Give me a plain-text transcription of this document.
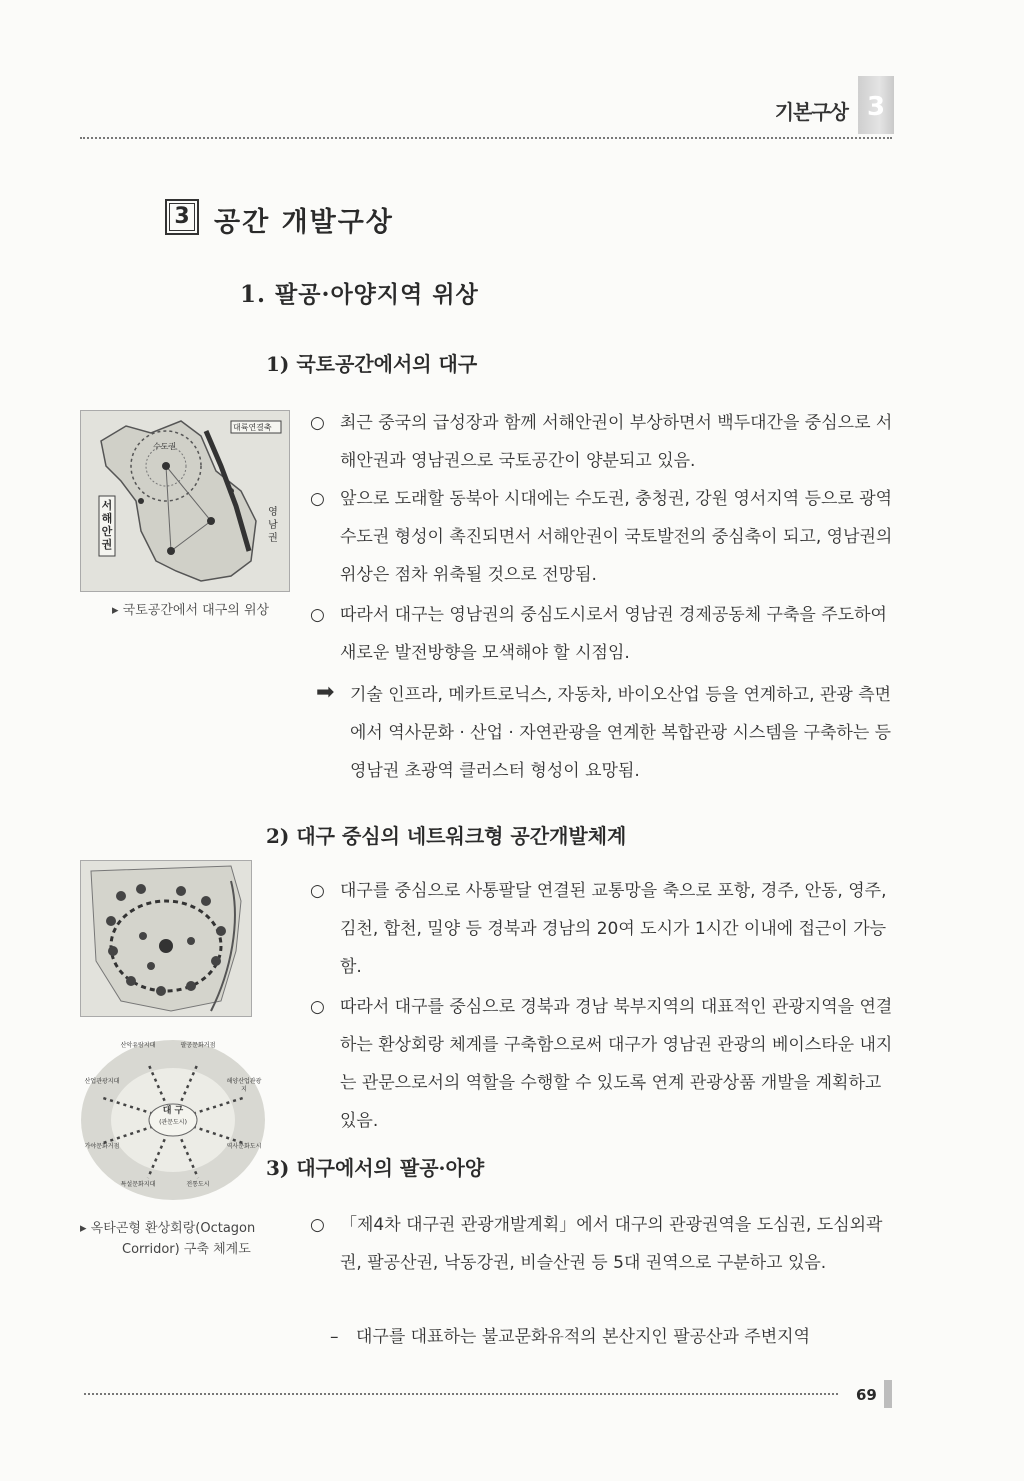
기본구상 3
3 공간 개발구상
1. 팔공·아양지역 위상
1) 국토공간에서의 대구
○ 최근 중국의 급성장과 함께 서해안권이 부상하면서 백두대간을 중심으로 서해안권과 영남권으로 국토공간이 양분되고 있음.
○ 앞으로 도래할 동북아 시대에는 수도권, 충청권, 강원 영서지역 등으로 광역수도권 형성이 촉진되면서 서해안권이 국토발전의 중심축이 되고, 영남권의 위상은 점차 위축될 것으로 전망됨.
○ 따라서 대구는 영남권의 중심도시로서 영남권 경제공동체 구축을 주도하여 새로운 발전방향을 모색해야 할 시점임.
➡ 기술 인프라, 메카트로닉스, 자동차, 바이오산업 등을 연계하고, 관광 측면에서 역사문화 · 산업 · 자연관광을 연계한 복합관광 시스템을 구축하는 등 영남권 초광역 클러스터 형성이 요망됨.
서해안권
영남권
대륙연결축
수도권
▸ 국토공간에서 대구의 위상
2) 대구 중심의 네트워크형 공간개발체계
○ 대구를 중심으로 사통팔달 연결된 교통망을 축으로 포항, 경주, 안동, 영주, 김천, 합천, 밀양 등 경북과 경남의 20여 도시가 1시간 이내에 접근이 가능함.
○ 따라서 대구를 중심으로 경북과 경남 북부지역의 대표적인 관광지역을 연결하는 환상회랑 체계를 구축함으로써 대구가 영남권 관광의 베이스타운 내지는 관문으로서의 역할을 수행할 수 있도록 연계 관광상품 개발을 계획하고 있음.
대 구
(관문도시)
산악유람지대	팔공문화거점
해양산업관광지
역사문화도시
전통도시
특설문화지대
가야문화거점
산업관광지대
▸ 옥타곤형 환상회랑(Octagon
Corridor) 구축 체계도
3) 대구에서의 팔공·아양
○ 「제4차 대구권 관광개발계획」에서 대구의 관광권역을 도심권, 도심외곽권, 팔공산권, 낙동강권, 비슬산권 등 5대 권역으로 구분하고 있음.
– 대구를 대표하는 불교문화유적의 본산지인 팔공산과 주변지역
69
